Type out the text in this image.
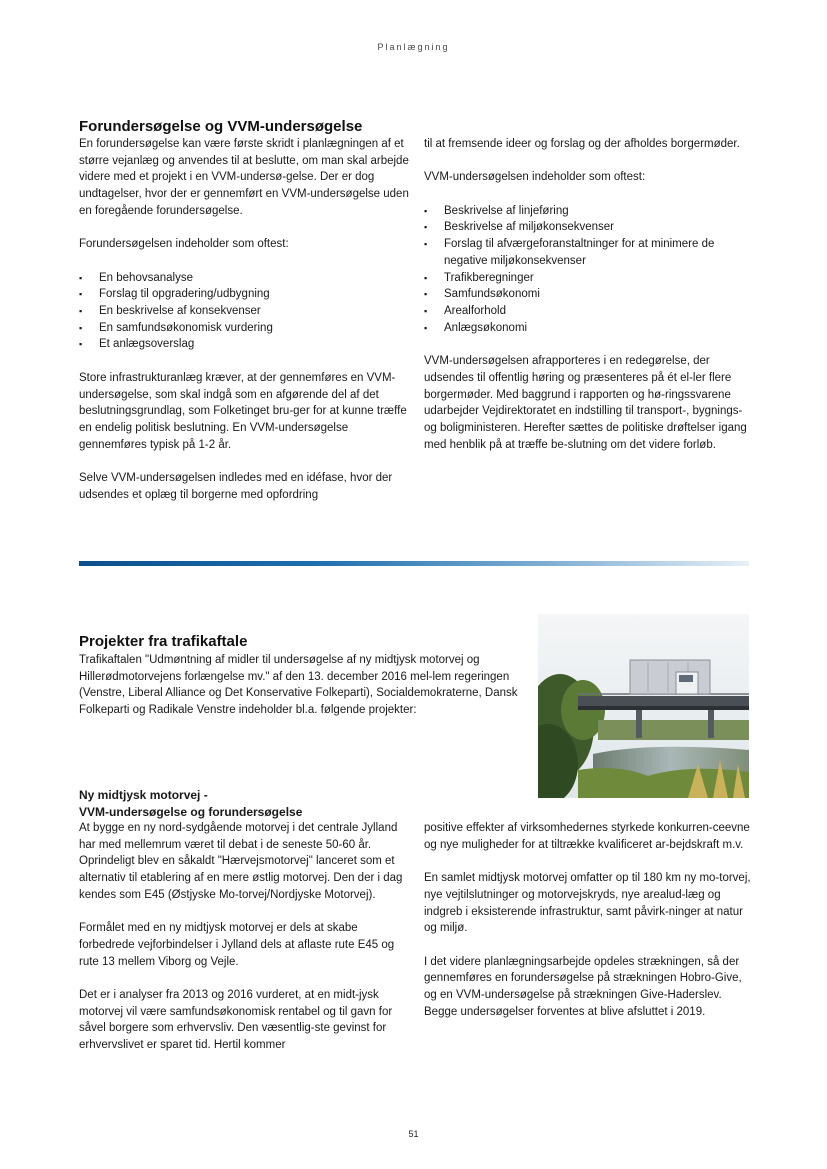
Planlægning
Forundersøgelse og VVM-undersøgelse

En forundersøgelse kan være første skridt i planlægningen af et større vejanlæg og anvendes til at beslutte, om man skal arbejde videre med et projekt i en VVM-undersø-gelse. Der er dog undtagelser, hvor der er gennemført en VVM-undersøgelse uden en foregående forundersøgelse.

Forundersøgelsen indeholder som oftest:

▪ En behovsanalyse
▪ Forslag til opgradering/udbygning
▪ En beskrivelse af konsekvenser
▪ En samfundsøkonomisk vurdering
▪ Et anlægsoverslag

Store infrastrukturanlæg kræver, at der gennemføres en VVM-undersøgelse, som skal indgå som en afgørende del af det beslutningsgrundlag, som Folketinget bru-ger for at kunne træffe en endelig politisk beslutning. En VVM-undersøgelse gennemføres typisk på 1-2 år.

Selve VVM-undersøgelsen indledes med en idéfase, hvor der udsendes et oplæg til borgerne med opfordring

til at fremsende ideer og forslag og der afholdes borgermøder.

VVM-undersøgelsen indeholder som oftest:

▪ Beskrivelse af linjeføring
▪ Beskrivelse af miljøkonsekvenser
▪ Forslag til afværgeforanstaltninger for at minimere de negative miljøkonsekvenser
▪ Trafikberegninger
▪ Samfundsøkonomi
▪ Arealforhold
▪ Anlægsøkonomi

VVM-undersøgelsen afrapporteres i en redegørelse, der udsendes til offentlig høring og præsenteres på ét el-ler flere borgermøder. Med baggrund i rapporten og hø-ringssvarene udarbejder Vejdirektoratet en indstilling til transport-, bygnings- og boligministeren. Herefter sættes de politiske drøftelser igang med henblik på at træffe be-slutning om det videre forløb.

Projekter fra trafikaftale

Trafikaftalen "Udmøntning af midler til undersøgelse af ny midtjysk motorvej og Hillerødmotorvejens forlængelse mv." af den 13. december 2016 mel-lem regeringen (Venstre, Liberal Alliance og Det Konservative Folkeparti), Socialdemokraterne, Dansk Folkeparti og Radikale Venstre indeholder bl.a. følgende projekter:

Ny midtjysk motorvej -
VVM-undersøgelse og forundersøgelse

At bygge en ny nord-sydgående motorvej i det centrale Jylland har med mellemrum været til debat i de seneste 50-60 år. Oprindeligt blev en såkaldt "Hærvejsmotorvej" lanceret som et alternativ til etablering af en mere østlig motorvej. Den der i dag kendes som E45 (Østjyske Mo-torvej/Nordjyske Motorvej).

Formålet med en ny midtjysk motorvej er dels at skabe forbedrede vejforbindelser i Jylland dels at aflaste rute E45 og rute 13 mellem Viborg og Vejle.

Det er i analyser fra 2013 og 2016 vurderet, at en midt-jysk motorvej vil være samfundsøkonomisk rentabel og til gavn for såvel borgere som erhvervsliv. Den væsentlig-ste gevinst for erhvervslivet er sparet tid. Hertil kommer

positive effekter af virksomhedernes styrkede konkurren-ceevne og nye muligheder for at tiltrække kvalificeret ar-bejdskraft m.v.

En samlet midtjysk motorvej omfatter op til 180 km ny mo-torvej, nye vejtilslutninger og motorvejskryds, nye arealud-læg og indgreb i eksisterende infrastruktur, samt påvirk-ninger at natur og miljø.

I det videre planlægningsarbejde opdeles strækningen, så der gennemføres en forundersøgelse på strækningen Hobro-Give, og en VVM-undersøgelse på strækningen Give-Haderslev. Begge undersøgelser forventes at blive afsluttet i 2019.

51
